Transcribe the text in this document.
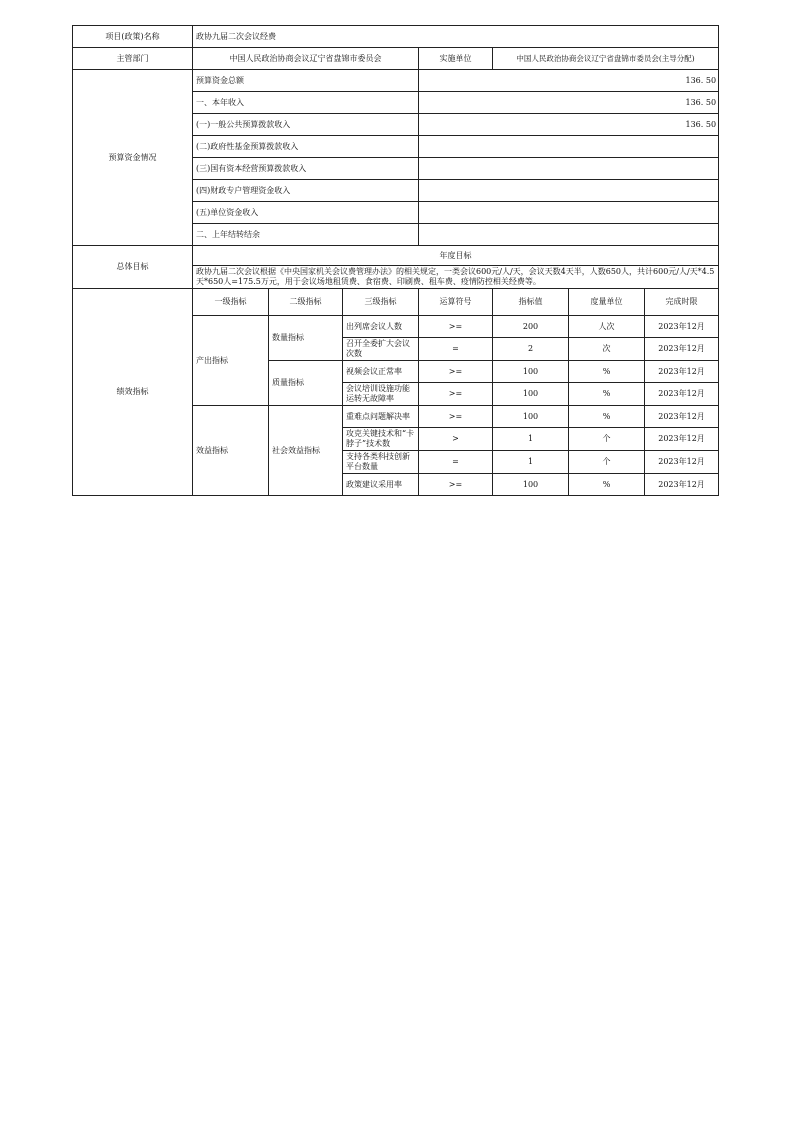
项目(政策)名称	政协九届二次会议经费						
主管部门	中国人民政治协商会议辽宁省盘锦市委员会			实施单位	中国人民政治协商会议辽宁省盘锦市委员会(主导分配)		
预算资金情况	预算资金总额			136. 50			
	一、本年收入			136. 50			
	(一)一般公共预算拨款收入			136. 50			
	(二)政府性基金预算拨款收入						
	(三)国有资本经营预算拨款收入						
	(四)财政专户管理资金收入						
	(五)单位资金收入						
	二、上年结转结余						
总体目标	年度目标						
	政协九届二次会议根据《中央国家机关会议费管理办法》的相关规定，一类会议600元/人/天，会议天数4天半，人数650人，共计600元/人/天*4.5天*650人=175.5万元，用于会议场地租赁费、食宿费、印刷费、租车费、疫情防控相关经费等。						
绩效指标	一级指标	二级指标	三级指标	运算符号	指标值	度量单位	完成时限
	产出指标	数量指标	出列席会议人数	>=	200	人次	2023年12月
			召开全委扩大会议次数	=	2	次	2023年12月
		质量指标	视频会议正常率	>=	100	%	2023年12月
			会议培训设施功能运转无故障率	>=	100	%	2023年12月
	效益指标	社会效益指标	重难点问题解决率	>=	100	%	2023年12月
			攻克关键技术和“卡脖子”技术数	>	1	个	2023年12月
			支持各类科技创新平台数量	=	1	个	2023年12月
			政策建议采用率	>=	100	%	2023年12月
